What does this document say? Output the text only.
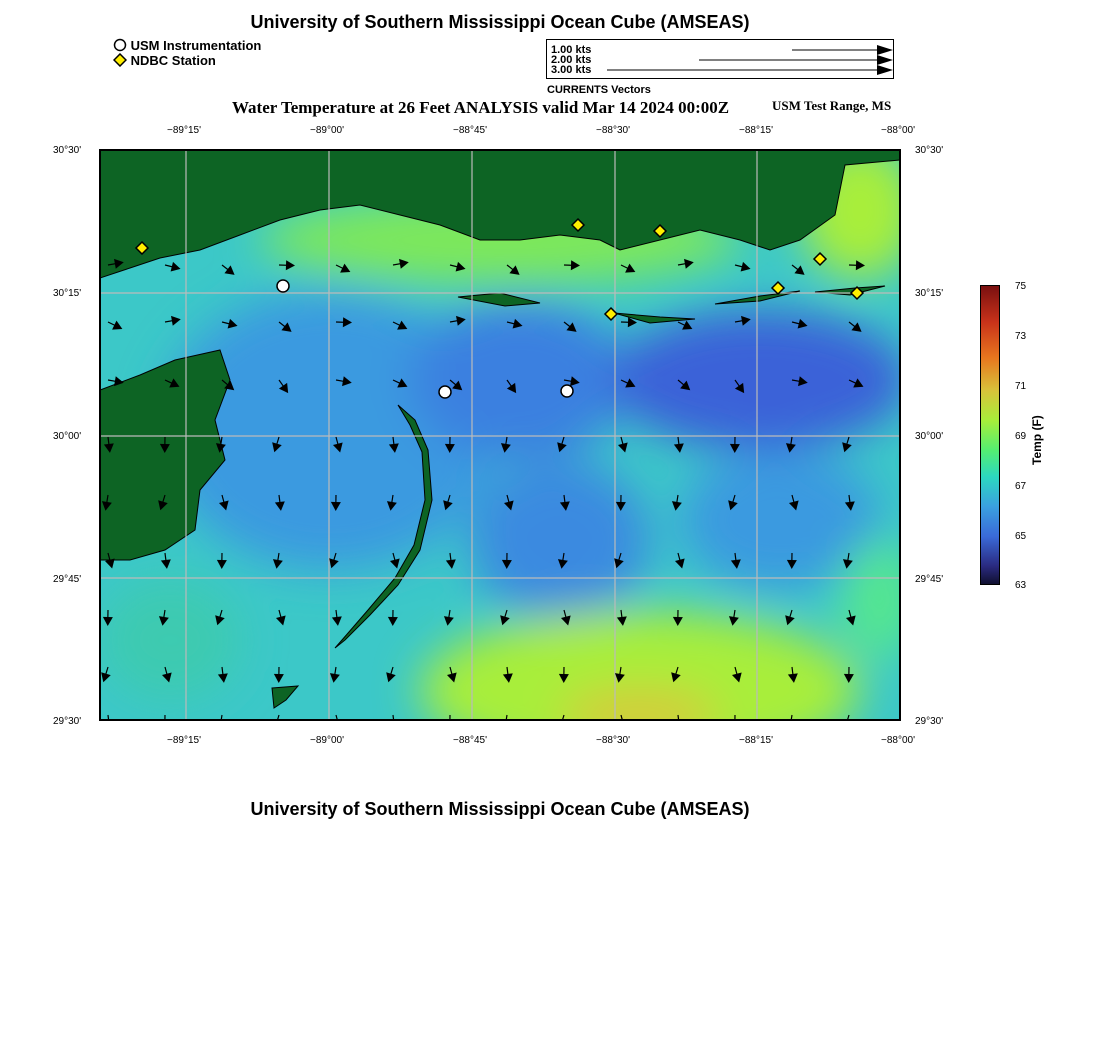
University of Southern Mississippi Ocean Cube (AMSEAS)
USM Instrumentation
NDBC Station
1.00 kts
2.00 kts
3.00 kts
CURRENTS Vectors
Water Temperature at 26 Feet ANALYSIS valid Mar 14 2024 00:00Z	USM Test Range, MS
−89°15'	−89°00'	−88°45'	−88°30'	−88°15'	−88°00'
−89°15'	−89°00'	−88°45'	−88°30'	−88°15'	−88°00'
30°30'
30°15'
30°00'
29°45'
29°30'
30°30'
30°15'
30°00'
29°45'
29°30'
75
73
71
69
67
65
63
Temp (F)
University of Southern Mississippi Ocean Cube (AMSEAS)
